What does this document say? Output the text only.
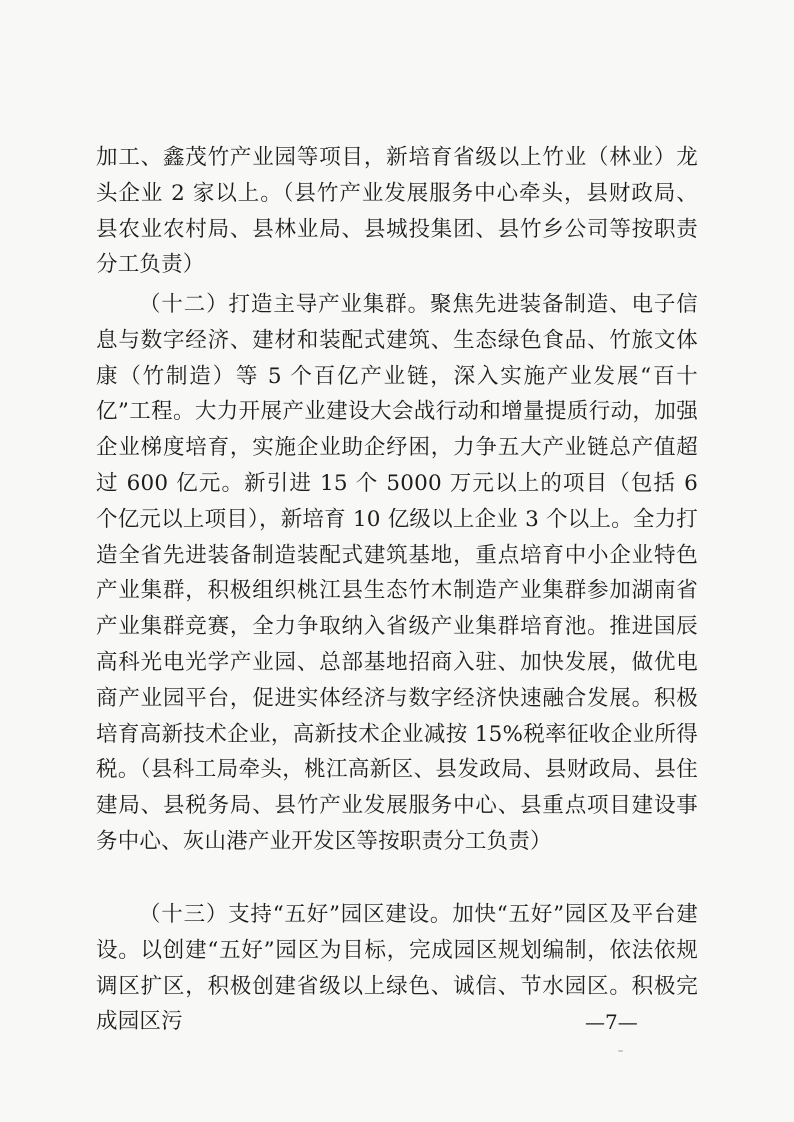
加工、鑫茂竹产业园等项目，新培育省级以上竹业（林业）龙头企业 2 家以上。（县竹产业发展服务中心牵头，县财政局、县农业农村局、县林业局、县城投集团、县竹乡公司等按职责分工负责）

（十二）打造主导产业集群。聚焦先进装备制造、电子信息与数字经济、建材和装配式建筑、生态绿色食品、竹旅文体康（竹制造）等 5 个百亿产业链，深入实施产业发展“百十亿”工程。大力开展产业建设大会战行动和增量提质行动，加强企业梯度培育，实施企业助企纾困，力争五大产业链总产值超过 600 亿元。新引进 15 个 5000 万元以上的项目（包括 6 个亿元以上项目），新培育 10 亿级以上企业 3 个以上。全力打造全省先进装备制造装配式建筑基地，重点培育中小企业特色产业集群，积极组织桃江县生态竹木制造产业集群参加湖南省产业集群竞赛，全力争取纳入省级产业集群培育池。推进国辰高科光电光学产业园、总部基地招商入驻、加快发展，做优电商产业园平台，促进实体经济与数字经济快速融合发展。积极培育高新技术企业，高新技术企业减按 15%税率征收企业所得税。（县科工局牵头，桃江高新区、县发政局、县财政局、县住建局、县税务局、县竹产业发展服务中心、县重点项目建设事务中心、灰山港产业开发区等按职责分工负责）

（十三）支持“五好”园区建设。加快“五好”园区及平台建设。以创建“五好”园区为目标，完成园区规划编制，依法依规调区扩区，积极创建省级以上绿色、诚信、节水园区。积极完成园区污	—7—
